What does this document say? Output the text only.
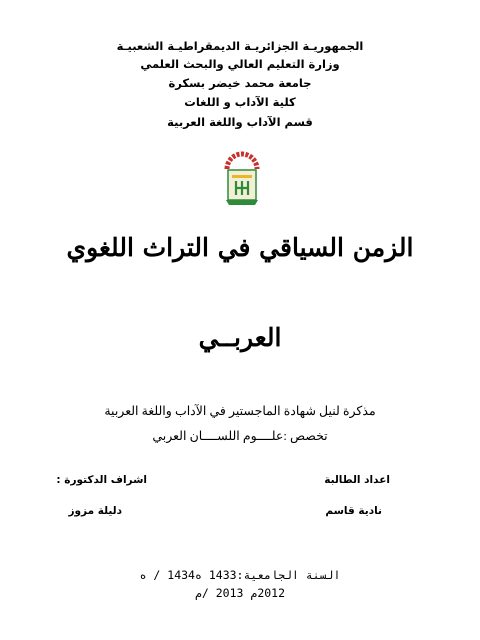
الجمهوريـة الجزائريـة الديمقراطيـة الشعبيـة
وزارة التعليم العالي والبحث العلمي
جامعة محمد خيضر بسكرة
كلية الآداب و اللغات
قسم الآداب واللغة العربية
الزمن السياقي في التراث اللغوي
العربــي
مذكرة لنيل شهادة الماجستير في الآداب واللغة العربية
تخصص :علــــوم اللســــان العربي
اعداد الطالبة
اشراف الدكتورة :
نادية قاسم
دليلة مزوز
السنة الجامعية:1433 ه1434 / ه
2012م 2013 /م
